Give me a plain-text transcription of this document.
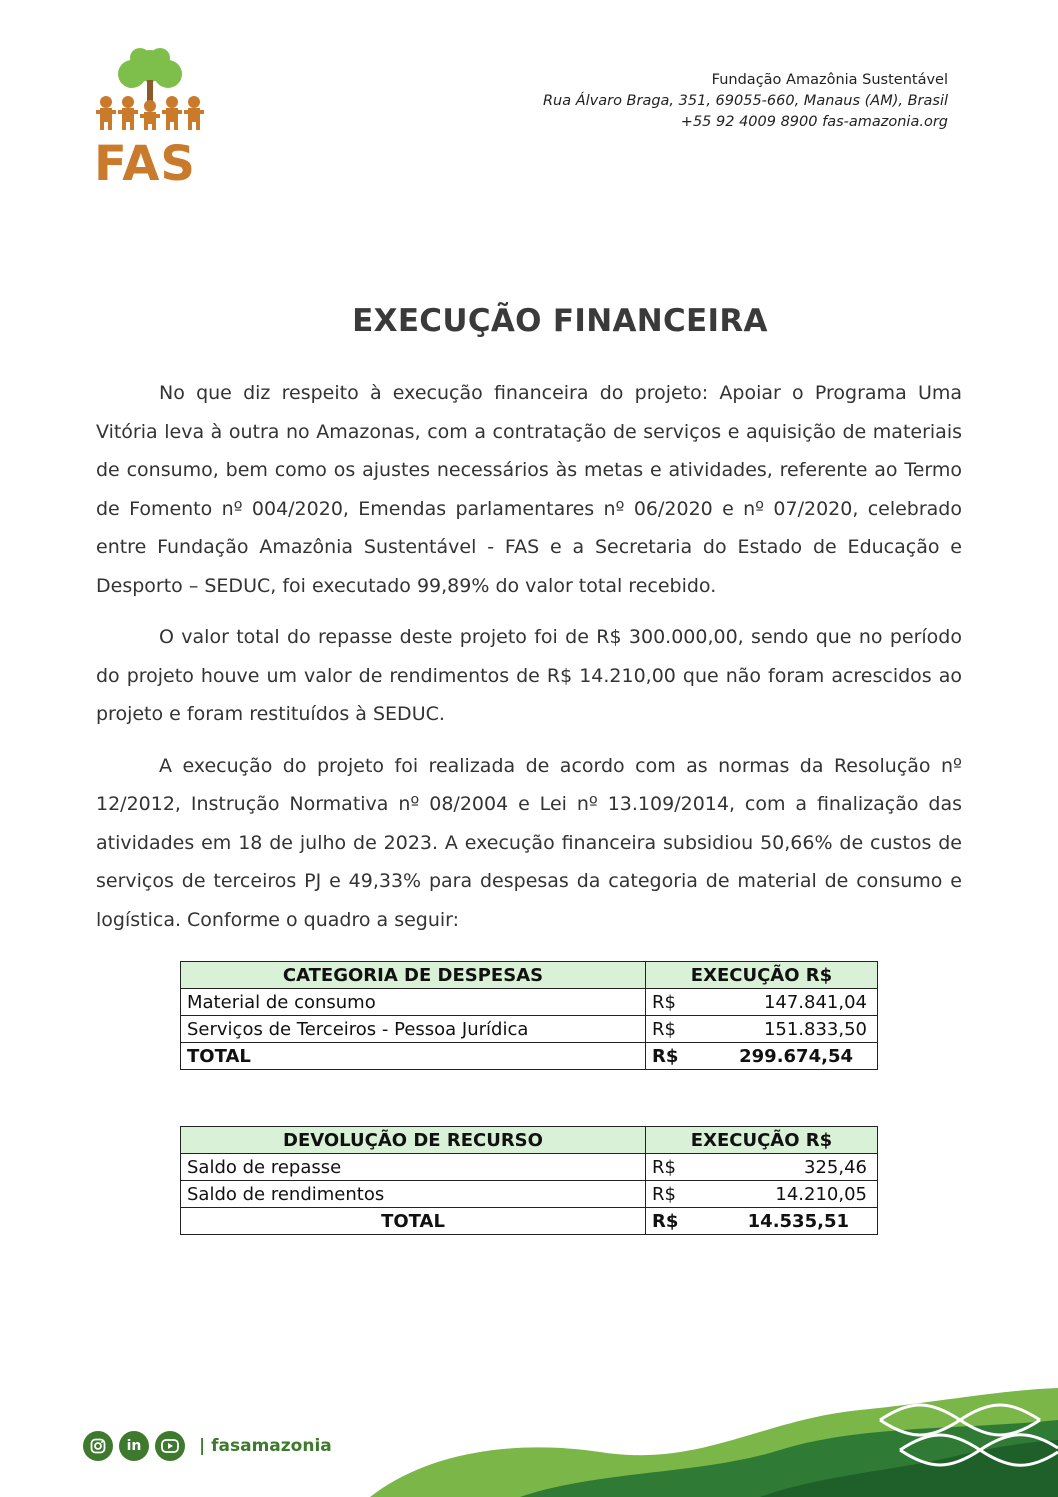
FAS
Fundação Amazônia Sustentável
Rua Álvaro Braga, 351, 69055-660, Manaus (AM), Brasil
+55 92 4009 8900 fas-amazonia.org
EXECUÇÃO FINANCEIRA

No que diz respeito à execução financeira do projeto: Apoiar o Programa Uma Vitória leva à outra no Amazonas, com a contratação de serviços e aquisição de materiais de consumo, bem como os ajustes necessários às metas e atividades, referente ao Termo de Fomento nº 004/2020, Emendas parlamentares nº 06/2020 e nº 07/2020, celebrado entre Fundação Amazônia Sustentável - FAS e a Secretaria do Estado de Educação e Desporto – SEDUC, foi executado 99,89% do valor total recebido.

O valor total do repasse deste projeto foi de R$ 300.000,00, sendo que no período do projeto houve um valor de rendimentos de R$ 14.210,00 que não foram acrescidos ao projeto e foram restituídos à SEDUC.

A execução do projeto foi realizada de acordo com as normas da Resolução nº 12/2012, Instrução Normativa nº 08/2004 e Lei nº 13.109/2014, com a finalização das atividades em 18 de julho de 2023. A execução financeira subsidiou 50,66% de custos de serviços de terceiros PJ e 49,33% para despesas da categoria de material de consumo e logística. Conforme o quadro a seguir:

CATEGORIA DE DESPESAS	EXECUÇÃO R$	
Material de consumo	R$	147.841,04
Serviços de Terceiros - Pessoa Jurídica	R$	151.833,50
TOTAL	R$	299.674,54
DEVOLUÇÃO DE RECURSO	EXECUÇÃO R$	
Saldo de repasse	R$	325,46
Saldo de rendimentos	R$	14.210,05
TOTAL	R$	14.535,51
in	| fasamazonia
